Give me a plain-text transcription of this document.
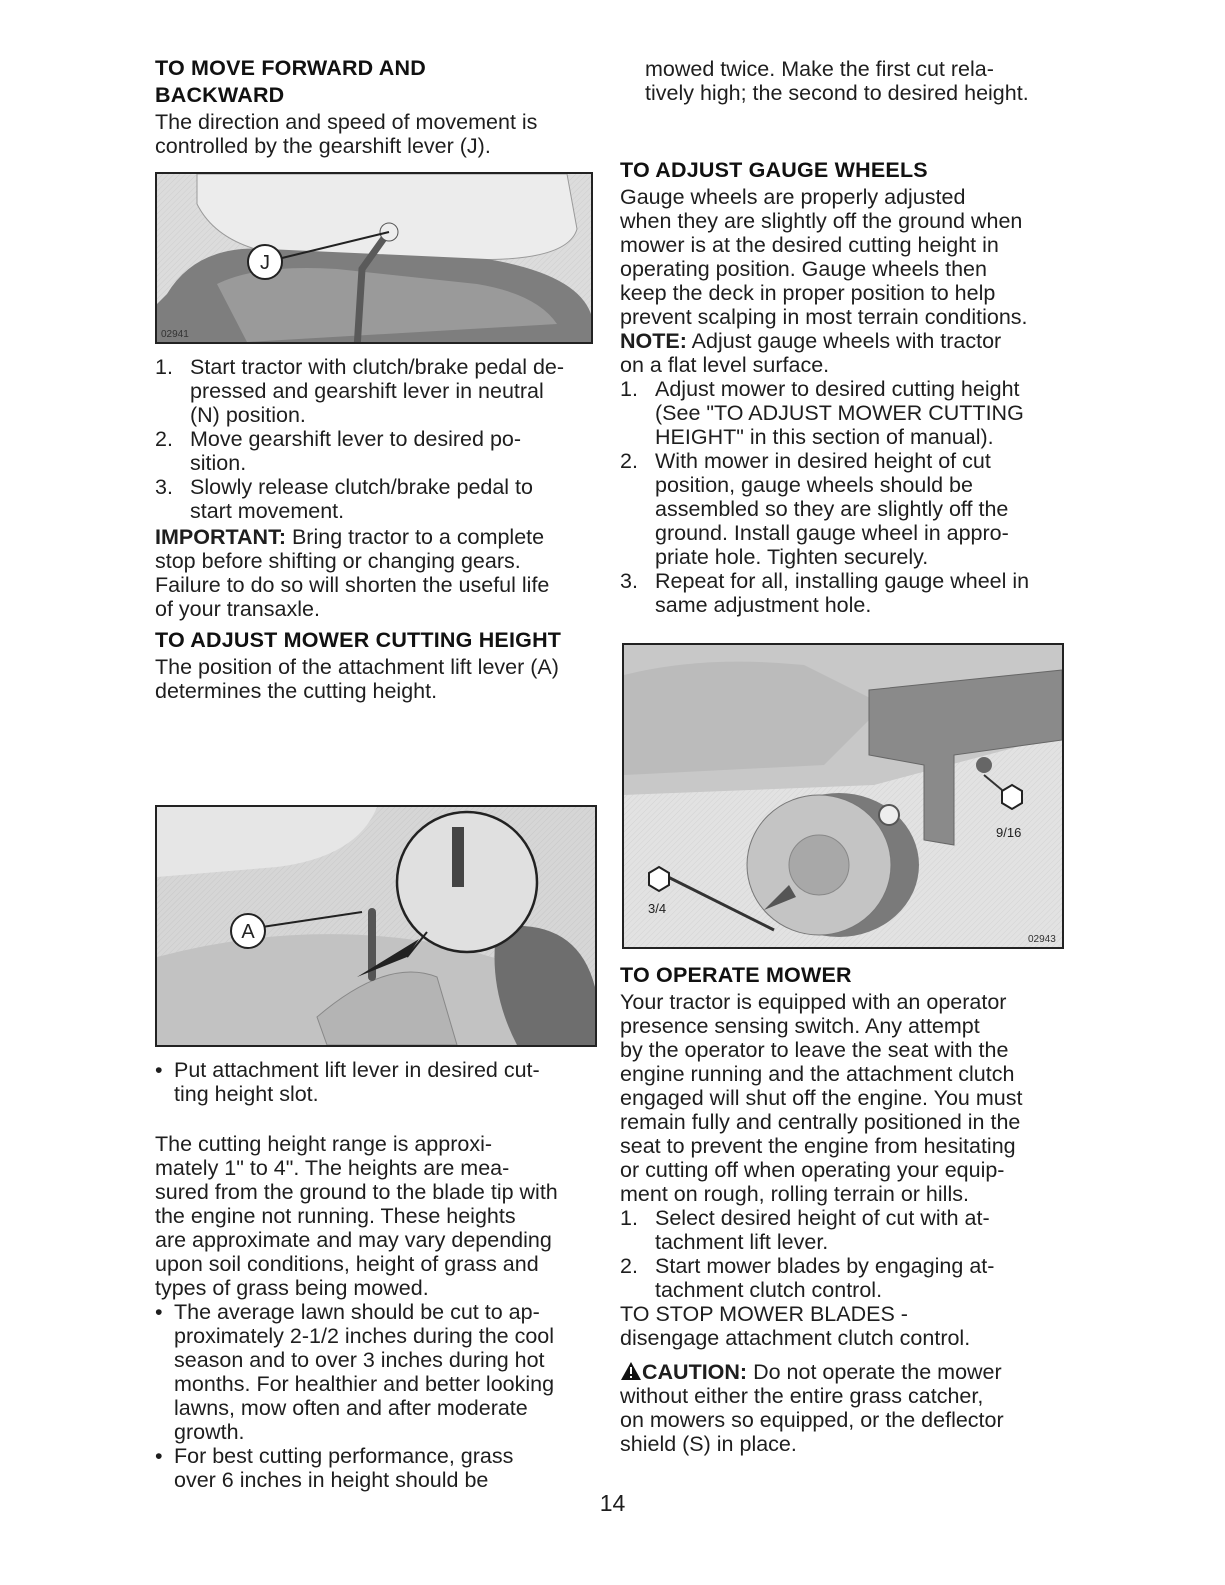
TO MOVE FORWARD AND

BACKWARD

The direction and speed of movement is

controlled by the gearshift lever (J).

J
02941
1. Start tractor with clutch/brake pedal de-
pressed and gearshift lever in neutral
(N) position.
2. Move gearshift lever to desired po-
sition.
3. Slowly release clutch/brake pedal to
start movement.

IMPORTANT: Bring tractor to a complete
stop before shifting or changing gears.
Failure to do so will shorten the useful life
of your transaxle.

TO ADJUST MOWER CUTTING HEIGHT

The position of the attachment lift lever (A)

determines the cutting height.

A
• Put attachment lift lever in desired cut-
ting height slot.

The cutting height range is approxi-
mately 1" to 4". The heights are mea-
sured from the ground to the blade tip with
the engine not running. These heights
are approximate and may vary depending
upon soil conditions, height of grass and
types of grass being mowed.

• The average lawn should be cut to ap-
proximately 2-1/2 inches during the cool
season and to over 3 inches during hot
months. For healthier and better looking
lawns, mow often and after moderate
growth.
• For best cutting performance, grass
over 6 inches in height should be

mowed twice. Make the first cut rela-

tively high; the second to desired height.

TO ADJUST GAUGE WHEELS

Gauge wheels are properly adjusted
when they are slightly off the ground when
mower is at the desired cutting height in
operating position. Gauge wheels then
keep the deck in proper position to help
prevent scalping in most terrain conditions.

NOTE: Adjust gauge wheels with tractor
on a flat level surface.

1. Adjust mower to desired cutting height
(See "TO ADJUST MOWER CUTTING
HEIGHT" in this section of manual).
2. With mower in desired height of cut
position, gauge wheels should be
assembled so they are slightly off the
ground. Install gauge wheel in appro-
priate hole. Tighten securely.
3. Repeat for all, installing gauge wheel in
same adjustment hole.
9/16
3/4
02943

TO OPERATE MOWER

Your tractor is equipped with an operator
presence sensing switch. Any attempt
by the operator to leave the seat with the
engine running and the attachment clutch
engaged will shut off the engine. You must
remain fully and centrally positioned in the
seat to prevent the engine from hesitating
or cutting off when operating your equip-
ment on rough, rolling terrain or hills.

1. Select desired height of cut with at-
tachment lift lever.
2. Start mower blades by engaging at-
tachment clutch control.

TO STOP MOWER BLADES -
disengage attachment clutch control.

CAUTION: Do not operate the mower
without either the entire grass catcher,
on mowers so equipped, or the deflector
shield (S) in place.

14
